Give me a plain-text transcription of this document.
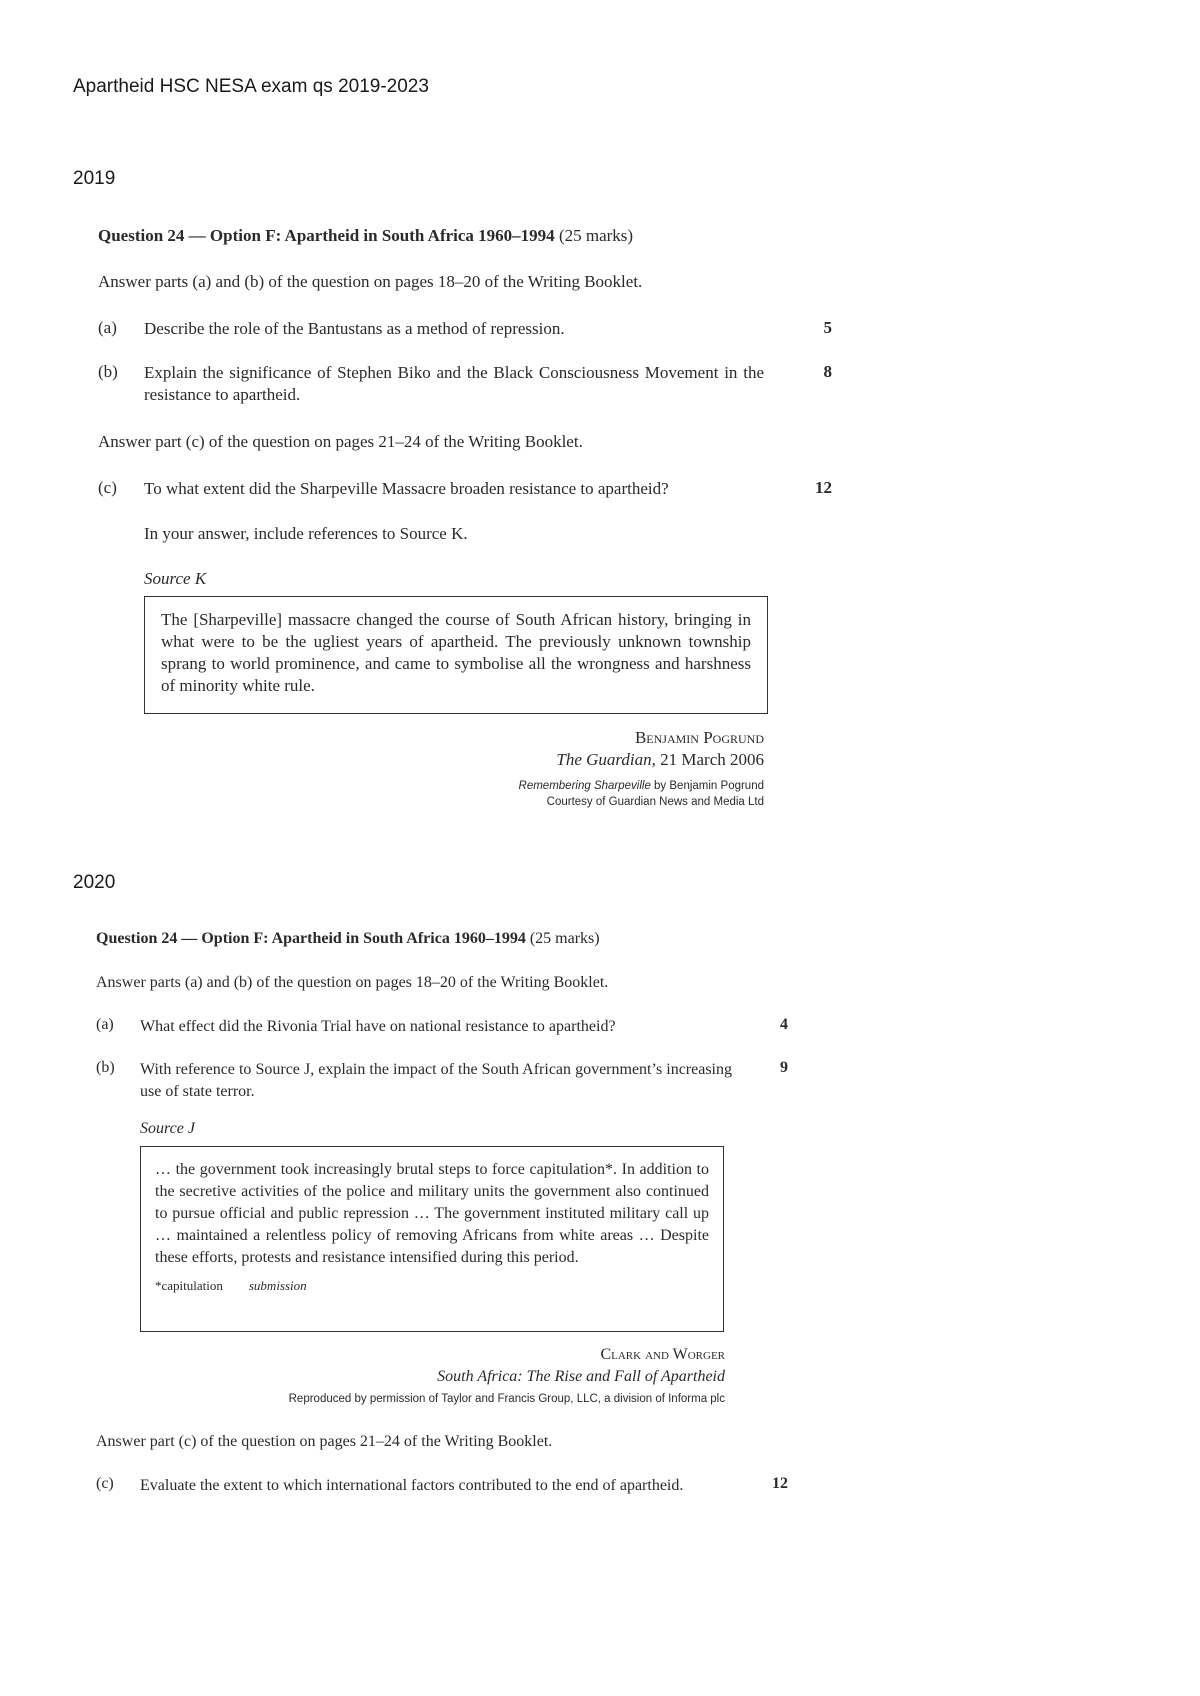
Apartheid HSC NESA exam qs 2019-2023
2019
Question 24 — Option F: Apartheid in South Africa 1960–1994 (25 marks)
Answer parts (a) and (b) of the question on pages 18–20 of the Writing Booklet.
(a) Describe the role of the Bantustans as a method of repression.	5
(b) Explain the significance of Stephen Biko and the Black Consciousness Movement in the resistance to apartheid.
8
Answer part (c) of the question on pages 21–24 of the Writing Booklet.
(c) To what extent did the Sharpeville Massacre broaden resistance to apartheid?	12
In your answer, include references to Source K.
Source K
The [Sharpeville] massacre changed the course of South African history, bringing in what were to be the ugliest years of apartheid. The previously unknown township sprang to world prominence, and came to symbolise all the wrongness and harshness of minority white rule.
Benjamin Pogrund
The Guardian, 21 March 2006
Remembering Sharpeville by Benjamin Pogrund
Courtesy of Guardian News and Media Ltd
2020
Question 24 — Option F: Apartheid in South Africa 1960–1994 (25 marks)
Answer parts (a) and (b) of the question on pages 18–20 of the Writing Booklet.
(a) What effect did the Rivonia Trial have on national resistance to apartheid?	4
(b) With reference to Source J, explain the impact of the South African government’s increasing use of state terror.
9
Source J
… the government took increasingly brutal steps to force capitulation*. In addition to the secretive activities of the police and military units the government also continued to pursue official and public repression … The government instituted military call up … maintained a relentless policy of removing Africans from white areas … Despite these efforts, protests and resistance intensified during this period.
*capitulation submission
Clark and Worger
South Africa: The Rise and Fall of Apartheid
Reproduced by permission of Taylor and Francis Group, LLC, a division of Informa plc
Answer part (c) of the question on pages 21–24 of the Writing Booklet.
(c) Evaluate the extent to which international factors contributed to the end of apartheid.	12
